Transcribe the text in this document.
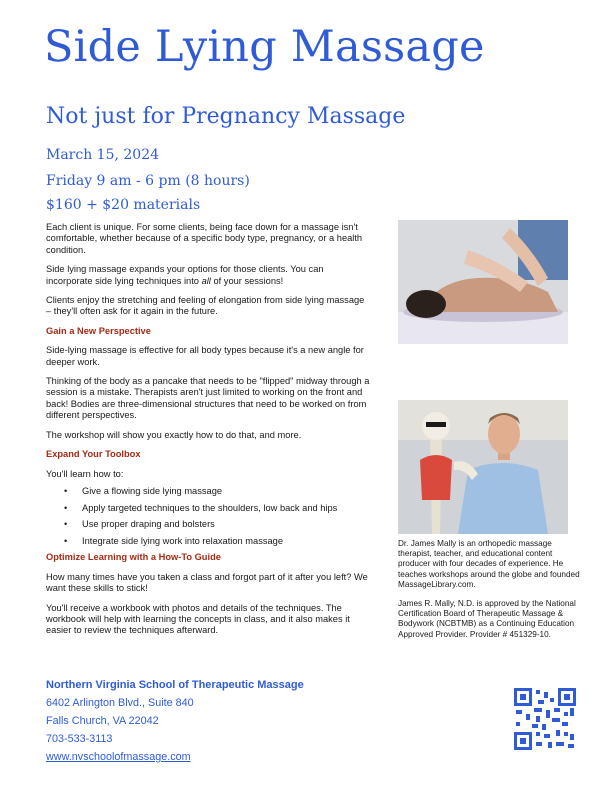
Side Lying Massage
Not just for Pregnancy Massage
March 15, 2024
Friday 9 am - 6 pm (8 hours)
$160 + $20 materials

Each client is unique. For some clients, being face down for a massage isn't comfortable, whether because of a specific body type, pregnancy, or a health condition.

Side lying massage expands your options for those clients. You can incorporate side lying techniques into all of your sessions!

Clients enjoy the stretching and feeling of elongation from side lying massage – they'll often ask for it again in the future.

Gain a New Perspective

Side-lying massage is effective for all body types because it's a new angle for deeper work.

Thinking of the body as a pancake that needs to be "flipped" midway through a session is a mistake. Therapists aren't just limited to working on the front and back! Bodies are three-dimensional structures that need to be worked on from different perspectives.

The workshop will show you exactly how to do that, and more.

Expand Your Toolbox

You'll learn how to:

• Give a flowing side lying massage
• Apply targeted techniques to the shoulders, low back and hips
• Use proper draping and bolsters
• Integrate side lying work into relaxation massage
Optimize Learning with a How-To Guide

How many times have you taken a class and forgot part of it after you left? We want these skills to stick!

You'll receive a workbook with photos and details of the techniques. The workbook will help with learning the concepts in class, and it also makes it easier to review the techniques afterward.

Dr. James Mally is an orthopedic massage therapist, teacher, and educational content producer with four decades of experience. He teaches workshops around the globe and founded MassageLibrary.com.

James R. Mally, N.D. is approved by the National Certification Board of Therapeutic Massage & Bodywork (NCBTMB) as a Continuing Education Approved Provider. Provider # 451329-10.

Northern Virginia School of Therapeutic Massage
6402 Arlington Blvd., Suite 840
Falls Church, VA 22042
703-533-3113
www.nvschoolofmassage.com
